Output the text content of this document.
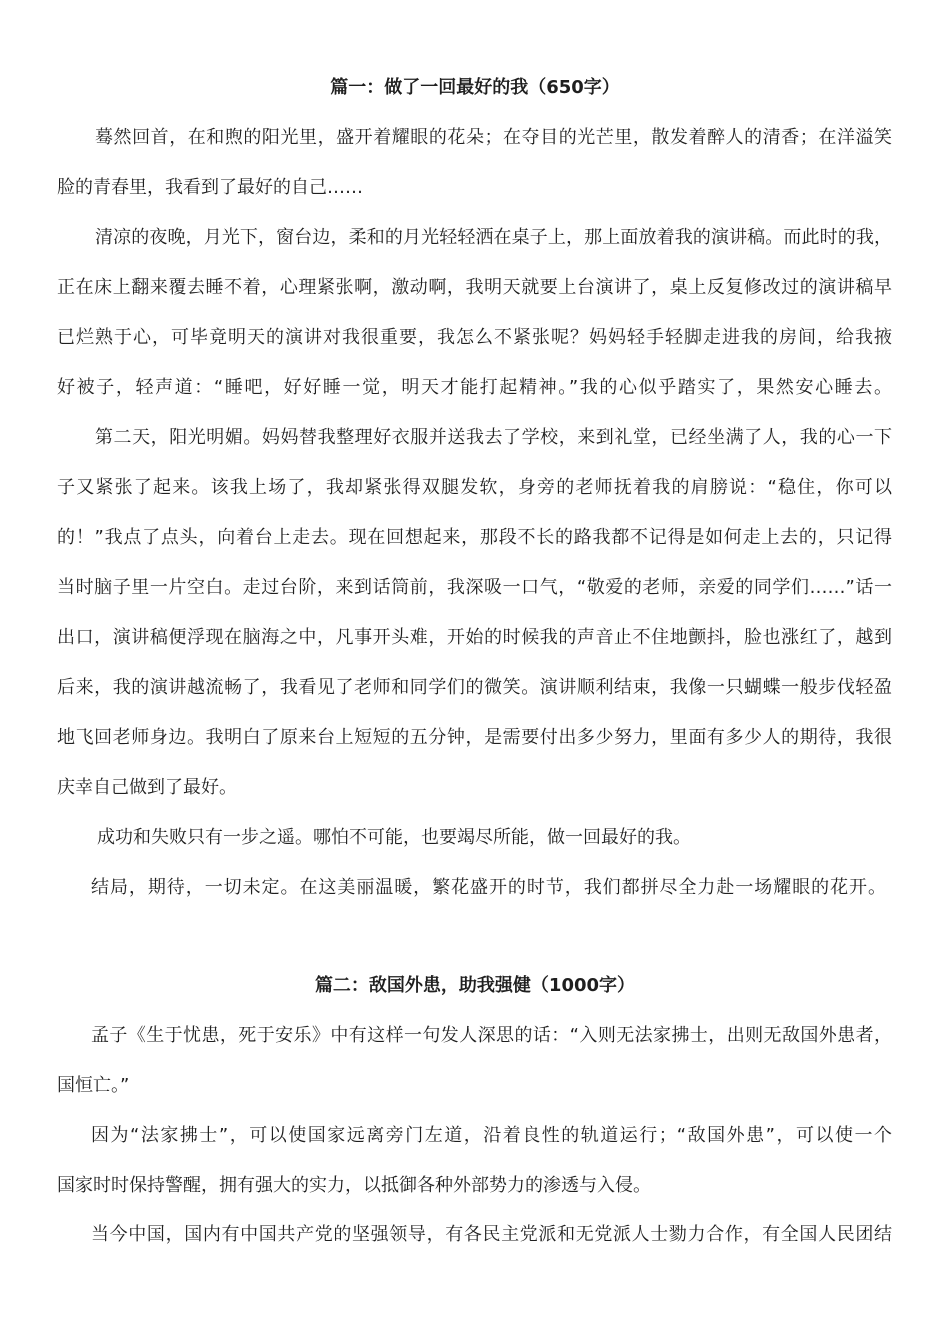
篇一：做了一回最好的我（650字）

蓦然回首，在和煦的阳光里，盛开着耀眼的花朵；在夺目的光芒里，散发着醉人的清香；在洋溢笑

脸的青春里，我看到了最好的自己……

清凉的夜晚，月光下，窗台边，柔和的月光轻轻洒在桌子上，那上面放着我的演讲稿。而此时的我，

正在床上翻来覆去睡不着，心理紧张啊，激动啊，我明天就要上台演讲了，桌上反复修改过的演讲稿早

已烂熟于心，可毕竟明天的演讲对我很重要，我怎么不紧张呢？妈妈轻手轻脚走进我的房间，给我掖

好被子，轻声道：“睡吧，好好睡一觉，明天才能打起精神。”我的心似乎踏实了，果然安心睡去。

第二天，阳光明媚。妈妈替我整理好衣服并送我去了学校，来到礼堂，已经坐满了人，我的心一下

子又紧张了起来。该我上场了，我却紧张得双腿发软，身旁的老师抚着我的肩膀说：“稳住，你可以

的！”我点了点头，向着台上走去。现在回想起来，那段不长的路我都不记得是如何走上去的，只记得

当时脑子里一片空白。走过台阶，来到话筒前，我深吸一口气，“敬爱的老师，亲爱的同学们……”话一

出口，演讲稿便浮现在脑海之中，凡事开头难，开始的时候我的声音止不住地颤抖，脸也涨红了，越到

后来，我的演讲越流畅了，我看见了老师和同学们的微笑。演讲顺利结束，我像一只蝴蝶一般步伐轻盈

地飞回老师身边。我明白了原来台上短短的五分钟，是需要付出多少努力，里面有多少人的期待，我很

庆幸自己做到了最好。

成功和失败只有一步之遥。哪怕不可能，也要竭尽所能，做一回最好的我。

结局，期待，一切未定。在这美丽温暖，繁花盛开的时节，我们都拼尽全力赴一场耀眼的花开。

篇二：敌国外患，助我强健（1000字）

孟子《生于忧患，死于安乐》中有这样一句发人深思的话：“入则无法家拂士，出则无敌国外患者，

国恒亡。”

因为“法家拂士”，可以使国家远离旁门左道，沿着良性的轨道运行；“敌国外患”，可以使一个

国家时时保持警醒，拥有强大的实力，以抵御各种外部势力的渗透与入侵。

当今中国，国内有中国共产党的坚强领导，有各民主党派和无党派人士勠力合作，有全国人民团结
